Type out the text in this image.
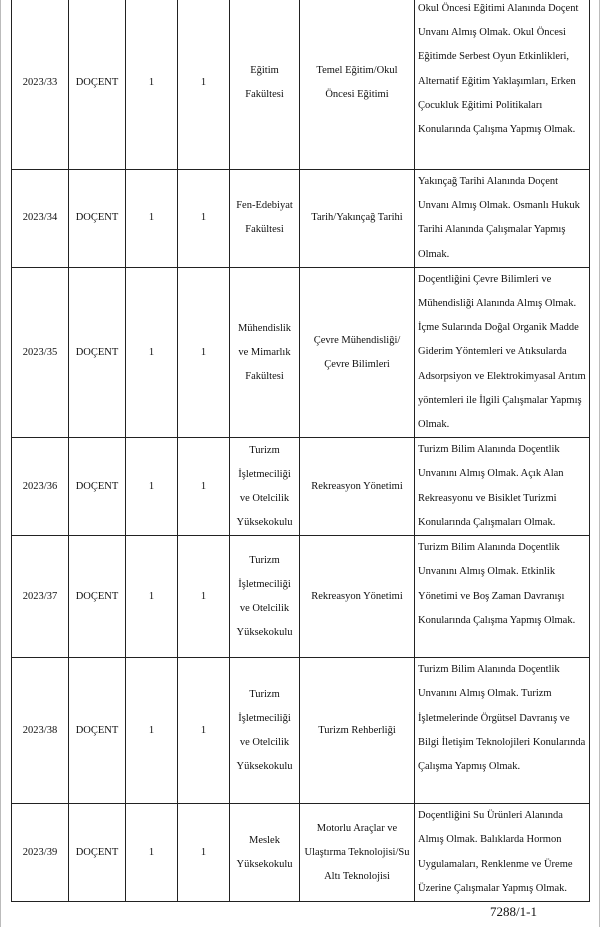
2023/33	DOÇENT	1	1	Eğitim Fakültesi	Temel Eğitim/Okul Öncesi Eğitimi	Okul Öncesi Eğitimi Alanında Doçent Unvanı Almış Olmak. Okul Öncesi Eğitimde Serbest Oyun Etkinlikleri, Alternatif Eğitim Yaklaşımları, Erken Çocukluk Eğitimi Politikaları Konularında Çalışma Yapmış Olmak.
2023/34	DOÇENT	1	1	Fen-Edebiyat Fakültesi	Tarih/Yakınçağ Tarihi	Yakınçağ Tarihi Alanında Doçent Unvanı Almış Olmak. Osmanlı Hukuk Tarihi Alanında Çalışmalar Yapmış Olmak.
2023/35	DOÇENT	1	1	Mühendislik ve Mimarlık Fakültesi	Çevre Mühendisliği/Çevre Bilimleri	Doçentliğini Çevre Bilimleri ve Mühendisliği Alanında Almış Olmak. İçme Sularında Doğal Organik Madde Giderim Yöntemleri ve Atıksularda Adsorpsiyon ve Elektrokimyasal Arıtım yöntemleri ile İlgili Çalışmalar Yapmış Olmak.
2023/36	DOÇENT	1	1	Turizm İşletmeciliği ve Otelcilik Yüksekokulu	Rekreasyon Yönetimi	Turizm Bilim Alanında Doçentlik Unvanını Almış Olmak. Açık Alan Rekreasyonu ve Bisiklet Turizmi Konularında Çalışmaları Olmak.
2023/37	DOÇENT	1	1	Turizm İşletmeciliği ve Otelcilik Yüksekokulu	Rekreasyon Yönetimi	Turizm Bilim Alanında Doçentlik Unvanını Almış Olmak. Etkinlik Yönetimi ve Boş Zaman Davranışı Konularında Çalışma Yapmış Olmak.
2023/38	DOÇENT	1	1	Turizm İşletmeciliği ve Otelcilik Yüksekokulu	Turizm Rehberliği	Turizm Bilim Alanında Doçentlik Unvanını Almış Olmak. Turizm İşletmelerinde Örgütsel Davranış ve Bilgi İletişim Teknolojileri Konularında Çalışma Yapmış Olmak.
2023/39	DOÇENT	1	1	Meslek Yüksekokulu	Motorlu Araçlar ve Ulaştırma Teknolojisi/Su Altı Teknolojisi	Doçentliğini Su Ürünleri Alanında Almış Olmak. Balıklarda Hormon Uygulamaları, Renklenme ve Üreme Üzerine Çalışmalar Yapmış Olmak.
7288/1-1
